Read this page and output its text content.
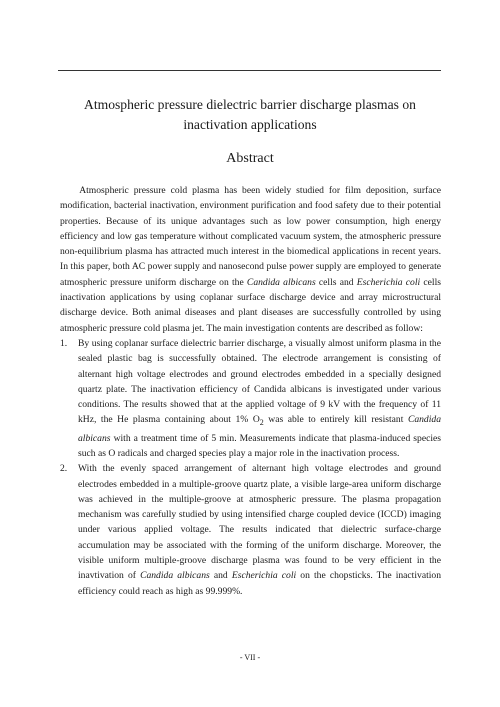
Atmospheric pressure dielectric barrier discharge plasmas on
inactivation applications
Abstract

Atmospheric pressure cold plasma has been widely studied for film deposition, surface modification, bacterial inactivation, environment purification and food safety due to their potential properties. Because of its unique advantages such as low power consumption, high energy efficiency and low gas temperature without complicated vacuum system, the atmospheric pressure non-equilibrium plasma has attracted much interest in the biomedical applications in recent years. In this paper, both AC power supply and nanosecond pulse power supply are employed to generate atmospheric pressure uniform discharge on the Candida albicans cells and Escherichia coli cells inactivation applications by using coplanar surface discharge device and array microstructural discharge device. Both animal diseases and plant diseases are successfully controlled by using atmospheric pressure cold plasma jet. The main investigation contents are described as follow:

1. By using coplanar surface dielectric barrier discharge, a visually almost uniform plasma in the sealed plastic bag is successfully obtained. The electrode arrangement is consisting of alternant high voltage electrodes and ground electrodes embedded in a specially designed quartz plate. The inactivation efficiency of Candida albicans is investigated under various conditions. The results showed that at the applied voltage of 9 kV with the frequency of 11 kHz, the He plasma containing about 1% $O_2$ was able to entirely kill resistant Candida albicans with a treatment time of 5 min. Measurements indicate that plasma-induced species such as O radicals and charged species play a major role in the inactivation process.
2. With the evenly spaced arrangement of alternant high voltage electrodes and ground electrodes embedded in a multiple-groove quartz plate, a visible large-area uniform discharge was achieved in the multiple-groove at atmospheric pressure. The plasma propagation mechanism was carefully studied by using intensified charge coupled device (ICCD) imaging under various applied voltage. The results indicated that dielectric surface-charge accumulation may be associated with the forming of the uniform discharge. Moreover, the visible uniform multiple-groove discharge plasma was found to be very efficient in the inavtivation of Candida albicans and Escherichia coli on the chopsticks. The inactivation efficiency could reach as high as 99.999%.
- VII -
